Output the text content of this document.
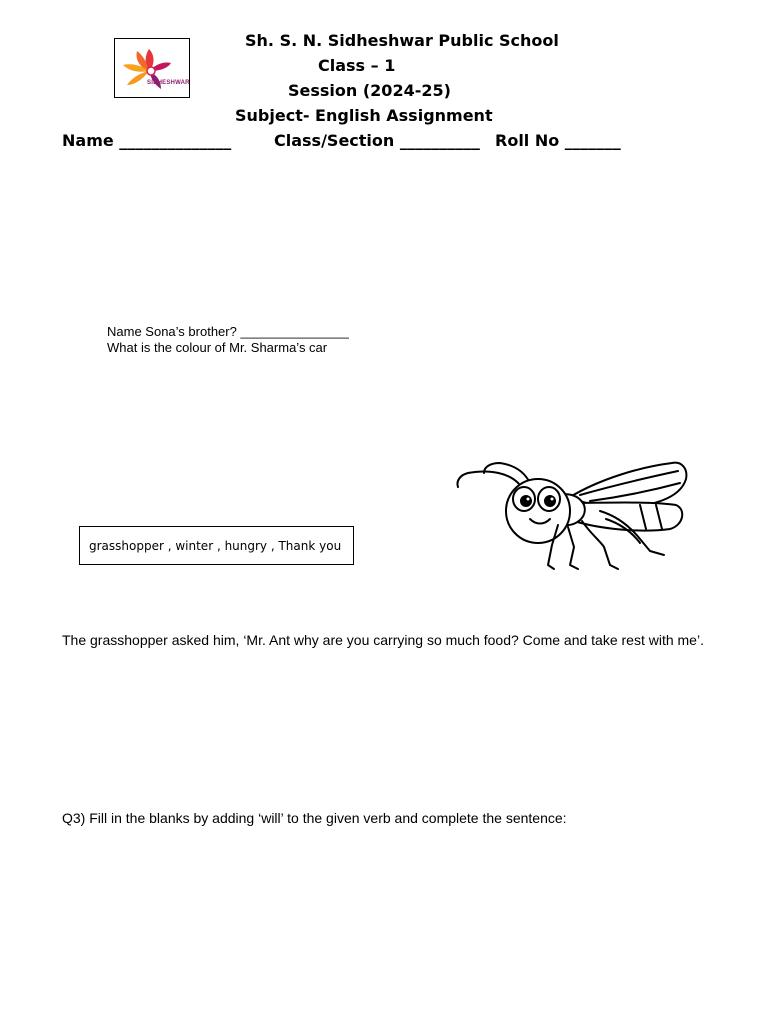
SIDHESHWAR
Sh. S. N. Sidheshwar Public School
Class – 1
Session (2024-25)
Subject- English Assignment
Name ______________	Class/Section __________ Roll No _______
Name Sona’s brother? _______________
What is the colour of Mr. Sharma’s car
grasshopper , winter , hungry , Thank you
The grasshopper asked him, ‘Mr. Ant why are you carrying so much food? Come and take rest with me’.
Q3) Fill in the blanks by adding ‘will’ to the given verb and complete the sentence:
